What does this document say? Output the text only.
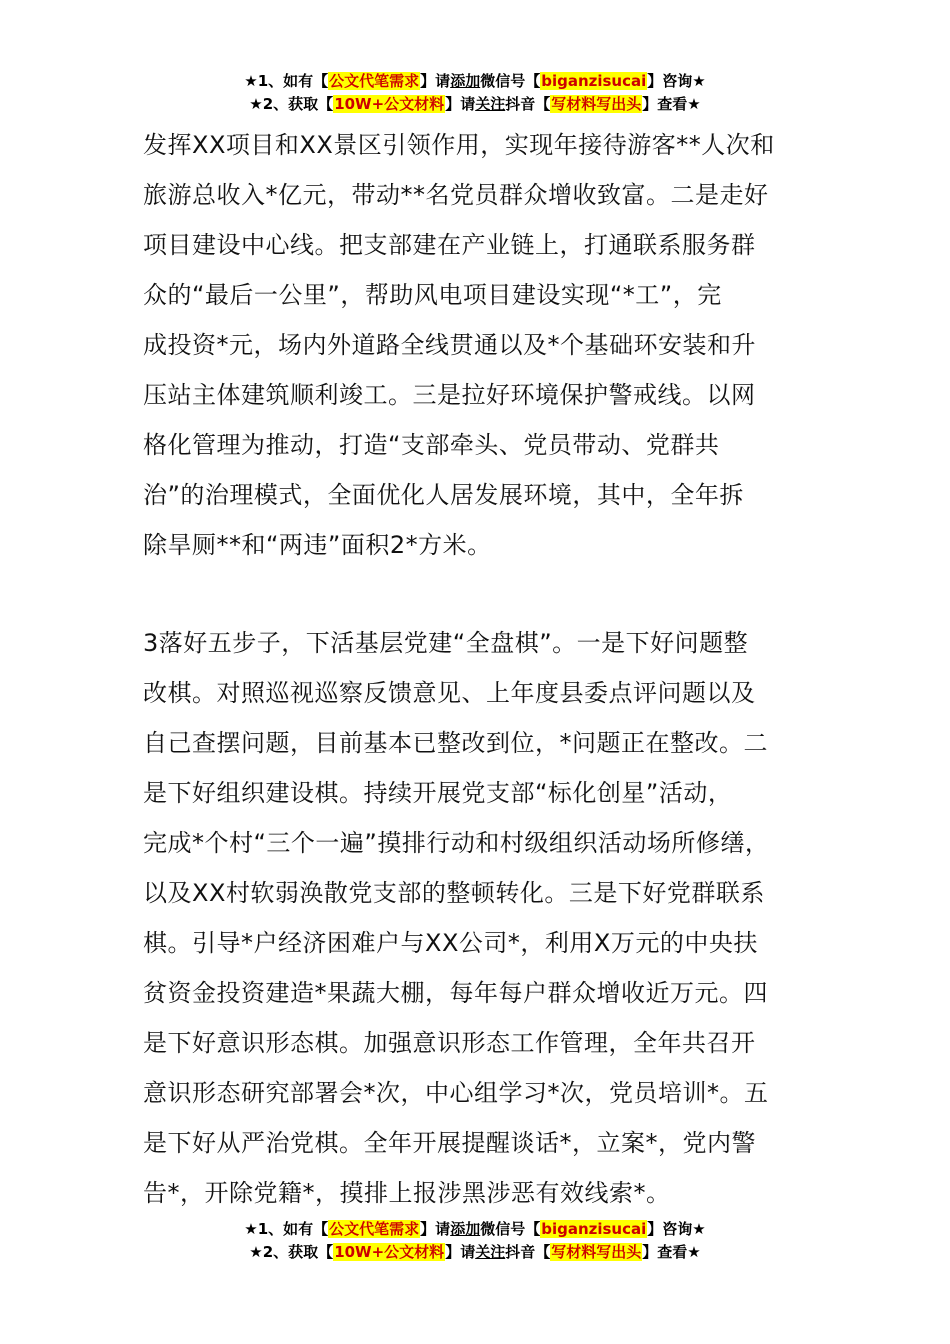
★1、如有【公文代笔需求】请添加微信号【biganzisucai】咨询★
★2、获取【10W+公文材料】请关注抖音【写材料写出头】查看★
发挥XX项目和XX景区引领作用，实现年接待游客**人次和
旅游总收入*亿元，带动**名党员群众增收致富。二是走好
项目建设中心线。把支部建在产业链上，打通联系服务群
众的“最后一公里”，帮助风电项目建设实现“*工”，完
成投资*元，场内外道路全线贯通以及*个基础环安装和升
压站主体建筑顺利竣工。三是拉好环境保护警戒线。以网
格化管理为推动，打造“支部牵头、党员带动、党群共
治”的治理模式，全面优化人居发展环境，其中，全年拆
除旱厕**和“两违”面积2*方米。
3落好五步子，下活基层党建“全盘棋”。一是下好问题整
改棋。对照巡视巡察反馈意见、上年度县委点评问题以及
自己查摆问题，目前基本已整改到位，*问题正在整改。二
是下好组织建设棋。持续开展党支部“标化创星”活动，
完成*个村“三个一遍”摸排行动和村级组织活动场所修缮，
以及XX村软弱涣散党支部的整顿转化。三是下好党群联系
棋。引导*户经济困难户与XX公司*，利用X万元的中央扶
贫资金投资建造*果蔬大棚，每年每户群众增收近万元。四
是下好意识形态棋。加强意识形态工作管理，全年共召开
意识形态研究部署会*次，中心组学习*次，党员培训*。五
是下好从严治党棋。全年开展提醒谈话*，立案*，党内警
告*，开除党籍*，摸排上报涉黑涉恶有效线索*。
★1、如有【公文代笔需求】请添加微信号【biganzisucai】咨询★
★2、获取【10W+公文材料】请关注抖音【写材料写出头】查看★
